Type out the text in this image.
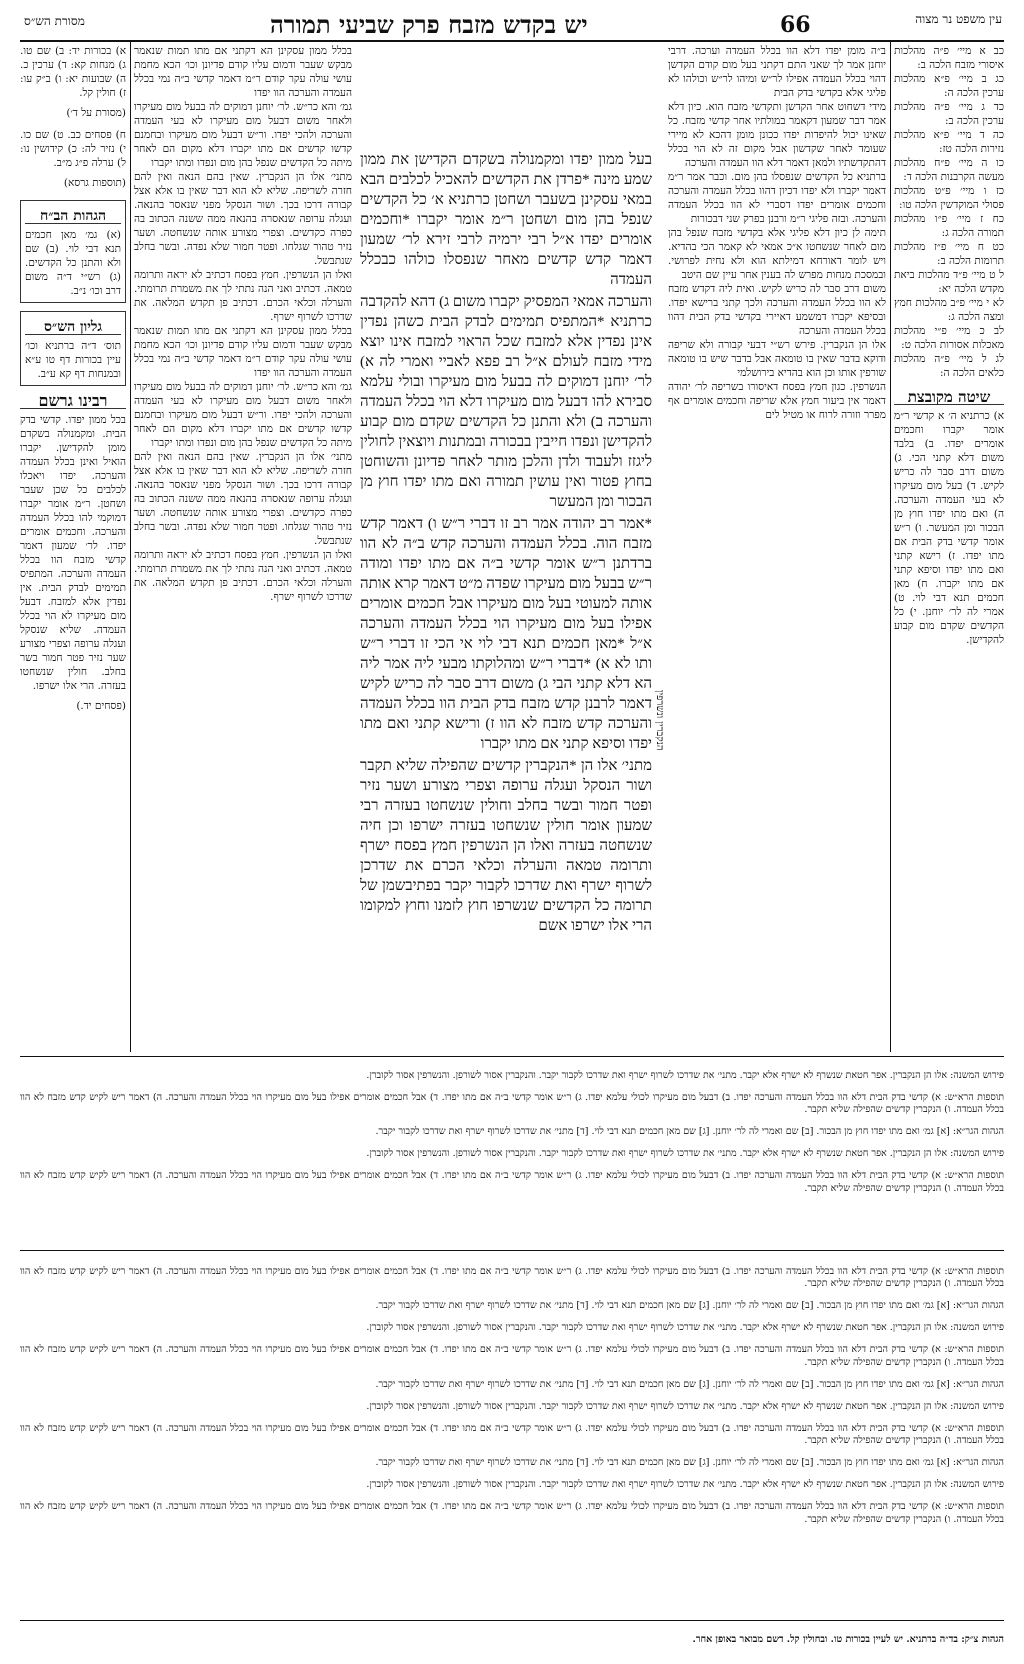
מסורת הש״ס	יש בקדש מזבח פרק שביעי תמורה	66	עין משפט נר מצוה

א) בכורות יד: ב) שם טו. ג) מנחות קא: ד) ערכין כ. ה) שבועות יא: ו) ב״ק עו: ז) חולין קל.

(מסורת על ד׳)

ח) פסחים כב. ט) שם כו. י) נזיר לה: כ) קידושין נו: ל) ערלה פ״ג מ״ב.

(תוספות גרסא)

הגהות הב״ח

(א) גמ׳ מאן חכמים תנא דבי לוי. (ב) שם ולא והתנן כל הקדשים. (ג) רש״י ד״ה משום דרב וכו׳ נ״ב.

גליון הש״ס

תוס׳ ד״ה ברתניא וכו׳ עיין בכורות דף טו ע״א ובמנחות דף קא ע״ב.

רבינו גרשם

בכל ממון יפדו. קדשי בדק הבית. ומקמנולה בשקדם מומן להקדישן. יקברו הואיל ואינן בכלל העמדה והערכה. יפדו ויאכלו לכלבים כל שכן שעבר ושחטן. ר״מ אומר יקברו דמוקמי להו בכלל העמדה והערכה. וחכמים אומרים יפדו. לר׳ שמעון דאמר קדשי מזבח הוו בכלל העמדה והערכה. המתפיס תמימים לבדק הבית. אין נפדין אלא למזבח. דבעל מום מעיקרו לא הוי בכלל העמדה. שליא שנסקל ועגלה ערופה וצפרי מצורע שער נזיר פטר חמור בשר בחלב. חולין שנשחטו בעזרה. הרי אלו ישרפו.

(פסחים יד.)

בכלל ממון עסקינן הא דקתני אם מתו תמות שנאמר מבקש שעבר ודמום עליו קודם פדיונן וכו׳ הכא מחמת עושי עולה עקר קודם ר״מ דאמר קדשי ב״ה נמי בכלל העמדה והערכה הוו יפדו

גמ׳ והא כר״ש. לר׳ יוחנן דמוקים לה בבעל מום מעיקרו ולאחר משום דבעל מום מעיקרו לא בעי העמדה והערכה ולהכי יפדו. ור״ש דבעל מום מעיקרו ובחמנם קדשו קדשים אם מתו יקברו דלא מקום הם לאחר מיתה כל הקדשים שנפל בהן מום ונפדו ומתו יקברו

מתני׳ אלו הן הנקברין. שאין בהם הנאה ואין להם חזרה לשריפה. שליא לא הוא דבר שאין בו אלא אצל קבורה דרכו בכך. ושור הנסקל מפני שנאסר בהנאה. ועגלה ערופה שנאסרה בהנאה ממה ששנה הכתוב בה כפרה כקדשים. וצפרי מצורע אותה שנשחטה. ושער נזיר טהור שגלחו. ופטר חמור שלא נפדה. ובשר בחלב שנתבשל.

ואלו הן הנשרפין. חמץ בפסח דכתיב לא יראה ותרומה טמאה. דכתיב ואני הנה נתתי לך את משמרת תרומתי. והערלה וכלאי הכרם. דכתיב פן תקדש המלאה. את שדרכו לשרוף ישרף.

בכלל ממון עסקינן הא דקתני אם מתו תמות שנאמר מבקש שעבר ודמום עליו קודם פדיונן וכו׳ הכא מחמת עושי עולה עקר קודם ר״מ דאמר קדשי ב״ה נמי בכלל העמדה והערכה הוו יפדו

גמ׳ והא כר״ש. לר׳ יוחנן דמוקים לה בבעל מום מעיקרו ולאחר משום דבעל מום מעיקרו לא בעי העמדה והערכה ולהכי יפדו. ור״ש דבעל מום מעיקרו ובחמנם קדשו קדשים אם מתו יקברו דלא מקום הם לאחר מיתה כל הקדשים שנפל בהן מום ונפדו ומתו יקברו

מתני׳ אלו הן הנקברין. שאין בהם הנאה ואין להם חזרה לשריפה. שליא לא הוא דבר שאין בו אלא אצל קבורה דרכו בכך. ושור הנסקל מפני שנאסר בהנאה. ועגלה ערופה שנאסרה בהנאה ממה ששנה הכתוב בה כפרה כקדשים. וצפרי מצורע אותה שנשחטה. ושער נזיר טהור שגלחו. ופטר חמור שלא נפדה. ובשר בחלב שנתבשל.

ואלו הן הנשרפין. חמץ בפסח דכתיב לא יראה ותרומה טמאה. דכתיב ואני הנה נתתי לך את משמרת תרומתי. והערלה וכלאי הכרם. דכתיב פן תקדש המלאה. את שדרכו לשרוף ישרף.

בעל ממון יפדו ומקמנולה בשקדם הקדישן את ממון שמע מינה *פרדן את הקדשים להאכיל לכלבים הבא במאי עסקינן בשעבר ושחטן כרתניא א׳ כל הקדשים שנפל בהן מום ושחטן ר״מ אומר יקברו *וחכמים אומרים יפדו א״ל רבי ירמיה לרבי זירא לר׳ שמעון דאמר קדש קדשים מאחר שנפסלו כולהו כבכלל העמדה

והערכה אמאי המפסיק יקברו משום ג) דהא להקדבה כרתניא *המתפיס תמימים לבדק הבית כשהן נפדין אינן נפדין אלא למזבח שכל הראוי למזבח אינו יוצא מידי מזבח לעולם א״ל רב פפא לאביי ואמרי לה א) לר׳ יוחנן דמוקים לה בבעל מום מעיקרו ובולי עלמא סבירא להו דבעל מום מעיקרו דלא הוי בכלל העמדה והערכה ב) ולא והתנן כל הקדשים שקדם מום קבוע להקדישן ונפדו חייבין בבכורה ובמתנות ויוצאין לחולין ליגזז ולעבוד ולדן והלכן מותר לאחר פדיונן והשוחטן בחוץ פטור ואין עושין תמורה ואם מתו יפדו חוץ מן הבכור ומן המעשר

*אמר רב יהודה אמר רב זו דברי ר״ש ו) דאמר קדש מזבח הוה. בכלל העמדה והערכה קדש ב״ה לא הוו ברדתנן ר״ש אומר קדשי ב״ה אם מתו יפדו ומודה ר״ש בבעל מום מעיקרו שפדה מ״ט דאמר קרא אותה אותה למעוטי בעל מום מעיקרו אבל חכמים אומרים אפילו בעל מום מעיקרו הוי בכלל העמדה והערכה א״ל *מאן חכמים תנא דבי לוי אי הכי זו דברי ר״ש ותו לא א) *דברי ר״ש ומהלוקתו מבעי ליה אמר ליה הא דלא קתני הבי ג) משום דרב סבר לה כריש לקיש דאמר לרבנן קדש מזבח בדק הבית הוו בכלל העמדה והערכה קדש מזבח לא הוו ז) ורישא קתני ואם מתו יפדו וסיפא קתני אם מתו יקברו

מתני׳ אלו הן *הנקברין קדשים שהפילה שליא תקבר ושור הנסקל ועגלה ערופה וצפרי מצורע ושער נזיר ופטר חמור ובשר בחלב וחולין שנשחטו בעזרה רבי שמעון אומר חולין שנשחטו בעזרה ישרפו וכן חיה שנשחטה בעזרה ואלו הן הנשרפין חמץ בפסח ישרף ותרומה טמאה והערלה וכלאי הכרם את שדרכן לשרוף ישרף ואת שדרכו לקבור יקבר בפתיבשמן של תרומה כל הקדשים שנשרפו חוץ לזמנו וחוץ למקומו הרי אלו ישרפו אשם

הנקברין ונשרפין

ב״ה מומן יפדו דלא הוו בכלל העמדה וערכה. דרבי יוחנן אמר לך שאני התם דקתני בעל מום קודם הקדשן דהוי בכלל העמדה אפילו לר״ש ומיהו לר״ש וכולהו לא פליגי אלא בקדשי בדק הבית

מידי דשחוט אחר הקדשן ותקדשי מזבח הוא. כיון דלא אמר דבר שמעון דקאמר במולתיו אחר קדשי מזבח. כל שאינו יכול להיפדות יפדו ככונן מומן דהכא לא מיירי שעומד לאחר שקדשון אבל מקום זה לא הוי בכלל דהתקדשתיו ולמאן דאמר דלא הוו העמדה והערכה

ברתניא כל הקדשים שנפסלו בהן מום. וכבר אמר ר״מ דאמר יקברו ולא יפדו דכיון דהוו בכלל העמדה והערכה וחכמים אומרים יפדו דסברי לא הוו בכלל העמדה והערכה. ובזה פליגי ר״מ ורבנן בפרק שני דבכורות

תימה לן כיון דלא פליגי אלא בקדשי מזבח שנפל בהן מום לאחר שנשחטו א״כ אמאי לא קאמר הכי בהדיא. ויש לומר דאורחא דמילתא הוא ולא נחית לפרושי. ובמסכת מנחות מפרש לה בענין אחר עיין שם היטב

משום דרב סבר לה כריש לקיש. ואית ליה דקדש מזבח לא הוו בכלל העמדה והערכה ולכך קתני ברישא יפדו. ובסיפא יקברו דמשמע דאיירי בקדשי בדק הבית דהוו בכלל העמדה והערכה

אלו הן הנקברין. פירש רש״י דבעי קבורה ולא שריפה ודוקא בדבר שאין בו טומאה אבל בדבר שיש בו טומאה שורפין אותו וכן הוא בהדיא בירושלמי

הנשרפין. כגון חמץ בפסח דאיסורו בשריפה לר׳ יהודה דאמר אין ביעור חמץ אלא שריפה וחכמים אומרים אף מפרר וזורה לרוח או מטיל לים

כב א מיי׳ פ״ה מהלכות איסורי מזבח הלכה ב:

כג ב מיי׳ פ״א מהלכות ערכין הלכה ה:

כד ג מיי׳ פ״ה מהלכות ערכין הלכה ב:

כה ד מיי׳ פ״א מהלכות נזירות הלכה טז:

כו ה מיי׳ פ״ח מהלכות מעשה הקרבנות הלכה ד:

כז ו מיי׳ פ״ט מהלכות פסולי המוקדשין הלכה טו:

כח ז מיי׳ פ״ו מהלכות תמורה הלכה ג:

כט ח מיי׳ פ״ז מהלכות תרומות הלכה ב:

ל ט מיי׳ פ״ד מהלכות ביאת מקדש הלכה יא:

לא י מיי׳ פ״ב מהלכות חמץ ומצה הלכה ג:

לב כ מיי׳ פ״י מהלכות מאכלות אסורות הלכה ט:

לג ל מיי׳ פ״ה מהלכות כלאים הלכה ה:

שיטה מקובצת

א) כרתניא ה׳ א קדשי ר״מ אומר יקברו וחכמים אומרים יפדו. ב) בלבד משום דלא קתני הכי. ג) משום דרב סבר לה כריש לקיש. ד) בעל מום מעיקרו לא בעי העמדה והערכה. ה) ואם מתו יפדו חוץ מן הבכור ומן המעשר. ו) ר״ש אומר קדשי בדק הבית אם מתו יפדו. ז) רישא קתני ואם מתו יפדו וסיפא קתני אם מתו יקברו. ח) מאן חכמים תנא דבי לוי. ט) אמרי לה לר׳ יוחנן. י) כל הקדשים שקדם מום קבוע להקדישן.

פירוש המשנה: אלו הן הנקברין. אפר חטאת שנשרף לא ישרף אלא יקבר. מתני׳ את שדרכו לשרוף ישרף ואת שדרכו לקבור יקבר. והנקברין אסור לשורפן. והנשרפין אסור לקוברן.

תוספות הרא״ש: א) קדשי בדק הבית דלא הוו בכלל העמדה והערכה יפדו. ב) דבעל מום מעיקרו לכולי עלמא יפדו. ג) ר״ש אומר קדשי ב״ה אם מתו יפדו. ד) אבל חכמים אומרים אפילו בעל מום מעיקרו הוי בכלל העמדה והערכה. ה) דאמר ריש לקיש קדש מזבח לא הוו בכלל העמדה. ו) הנקברין קדשים שהפילה שליא תקבר.

הגהות הגר״א: [א] גמ׳ ואם מתו יפדו חוץ מן הבכור. [ב] שם ואמרי לה לר׳ יוחנן. [ג] שם מאן חכמים תנא דבי לוי. [ד] מתני׳ את שדרכו לשרוף ישרף ואת שדרכו לקבור יקבר.

פירוש המשנה: אלו הן הנקברין. אפר חטאת שנשרף לא ישרף אלא יקבר. מתני׳ את שדרכו לשרוף ישרף ואת שדרכו לקבור יקבר. והנקברין אסור לשורפן. והנשרפין אסור לקוברן.

תוספות הרא״ש: א) קדשי בדק הבית דלא הוו בכלל העמדה והערכה יפדו. ב) דבעל מום מעיקרו לכולי עלמא יפדו. ג) ר״ש אומר קדשי ב״ה אם מתו יפדו. ד) אבל חכמים אומרים אפילו בעל מום מעיקרו הוי בכלל העמדה והערכה. ה) דאמר ריש לקיש קדש מזבח לא הוו בכלל העמדה. ו) הנקברין קדשים שהפילה שליא תקבר.

תוספות הרא״ש: א) קדשי בדק הבית דלא הוו בכלל העמדה והערכה יפדו. ב) דבעל מום מעיקרו לכולי עלמא יפדו. ג) ר״ש אומר קדשי ב״ה אם מתו יפדו. ד) אבל חכמים אומרים אפילו בעל מום מעיקרו הוי בכלל העמדה והערכה. ה) דאמר ריש לקיש קדש מזבח לא הוו בכלל העמדה. ו) הנקברין קדשים שהפילה שליא תקבר.

הגהות הגר״א: [א] גמ׳ ואם מתו יפדו חוץ מן הבכור. [ב] שם ואמרי לה לר׳ יוחנן. [ג] שם מאן חכמים תנא דבי לוי. [ד] מתני׳ את שדרכו לשרוף ישרף ואת שדרכו לקבור יקבר.

פירוש המשנה: אלו הן הנקברין. אפר חטאת שנשרף לא ישרף אלא יקבר. מתני׳ את שדרכו לשרוף ישרף ואת שדרכו לקבור יקבר. והנקברין אסור לשורפן. והנשרפין אסור לקוברן.

תוספות הרא״ש: א) קדשי בדק הבית דלא הוו בכלל העמדה והערכה יפדו. ב) דבעל מום מעיקרו לכולי עלמא יפדו. ג) ר״ש אומר קדשי ב״ה אם מתו יפדו. ד) אבל חכמים אומרים אפילו בעל מום מעיקרו הוי בכלל העמדה והערכה. ה) דאמר ריש לקיש קדש מזבח לא הוו בכלל העמדה. ו) הנקברין קדשים שהפילה שליא תקבר.

הגהות הגר״א: [א] גמ׳ ואם מתו יפדו חוץ מן הבכור. [ב] שם ואמרי לה לר׳ יוחנן. [ג] שם מאן חכמים תנא דבי לוי. [ד] מתני׳ את שדרכו לשרוף ישרף ואת שדרכו לקבור יקבר.

פירוש המשנה: אלו הן הנקברין. אפר חטאת שנשרף לא ישרף אלא יקבר. מתני׳ את שדרכו לשרוף ישרף ואת שדרכו לקבור יקבר. והנקברין אסור לשורפן. והנשרפין אסור לקוברן.

תוספות הרא״ש: א) קדשי בדק הבית דלא הוו בכלל העמדה והערכה יפדו. ב) דבעל מום מעיקרו לכולי עלמא יפדו. ג) ר״ש אומר קדשי ב״ה אם מתו יפדו. ד) אבל חכמים אומרים אפילו בעל מום מעיקרו הוי בכלל העמדה והערכה. ה) דאמר ריש לקיש קדש מזבח לא הוו בכלל העמדה. ו) הנקברין קדשים שהפילה שליא תקבר.

הגהות הגר״א: [א] גמ׳ ואם מתו יפדו חוץ מן הבכור. [ב] שם ואמרי לה לר׳ יוחנן. [ג] שם מאן חכמים תנא דבי לוי. [ד] מתני׳ את שדרכו לשרוף ישרף ואת שדרכו לקבור יקבר.

פירוש המשנה: אלו הן הנקברין. אפר חטאת שנשרף לא ישרף אלא יקבר. מתני׳ את שדרכו לשרוף ישרף ואת שדרכו לקבור יקבר. והנקברין אסור לשורפן. והנשרפין אסור לקוברן.

תוספות הרא״ש: א) קדשי בדק הבית דלא הוו בכלל העמדה והערכה יפדו. ב) דבעל מום מעיקרו לכולי עלמא יפדו. ג) ר״ש אומר קדשי ב״ה אם מתו יפדו. ד) אבל חכמים אומרים אפילו בעל מום מעיקרו הוי בכלל העמדה והערכה. ה) דאמר ריש לקיש קדש מזבח לא הוו בכלל העמדה. ו) הנקברין קדשים שהפילה שליא תקבר.

הגהות צ״ק: בד״ה ברתניא. יש לעיין בכורות טו. ובחולין קל. דשם מבואר באופן אחר.
